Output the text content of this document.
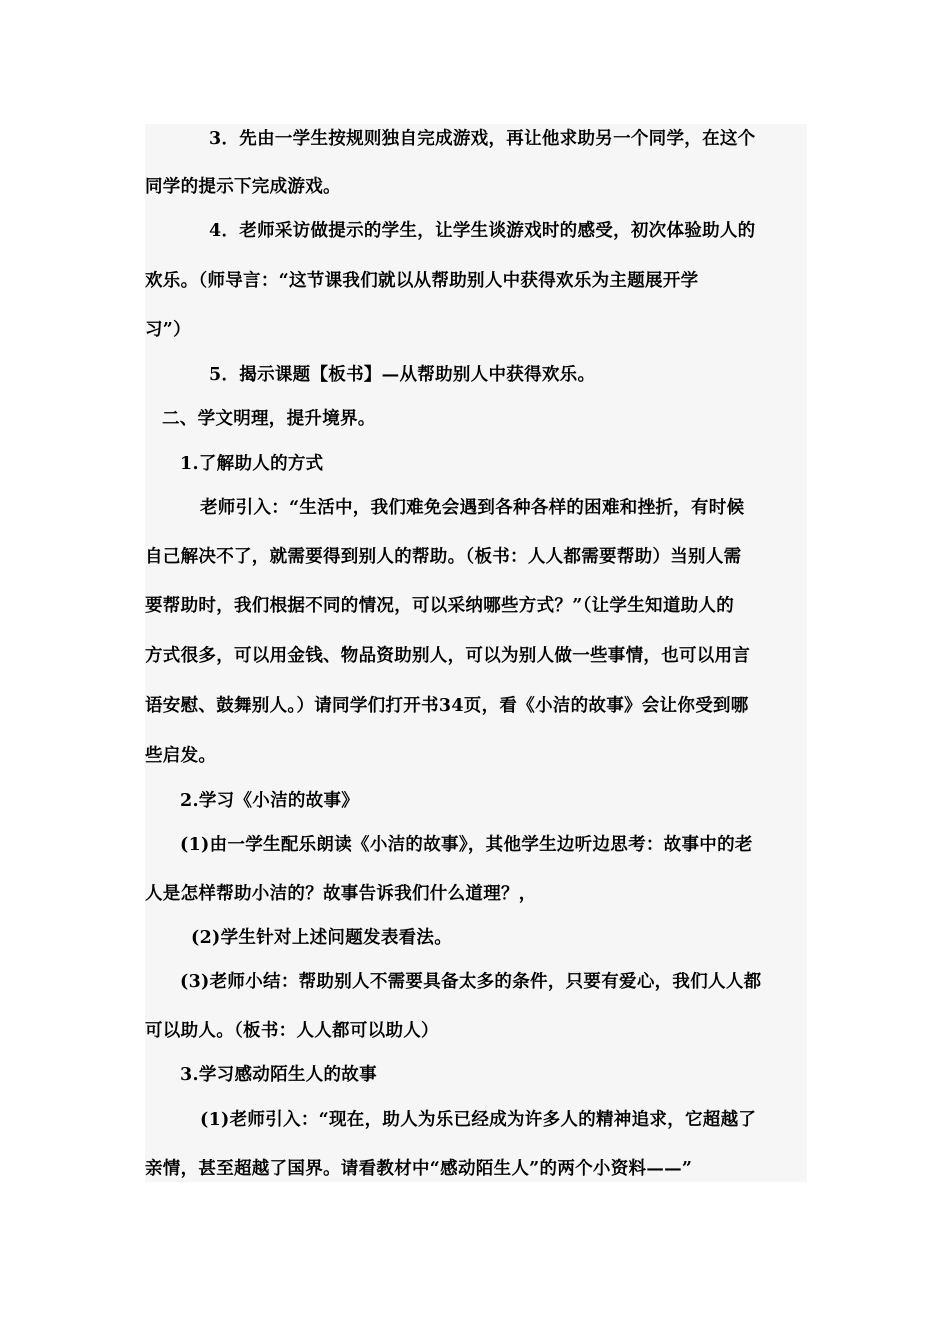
3．先由一学生按规则独自完成游戏，再让他求助另一个同学，在这个
同学的提示下完成游戏。
4．老师采访做提示的学生，让学生谈游戏时的感受，初次体验助人的
欢乐。（师导言：“这节课我们就以从帮助别人中获得欢乐为主题展开学
习”）
5．揭示课题【板书】—从帮助别人中获得欢乐。
二、学文明理，提升境界。
1.了解助人的方式
老师引入：“生活中，我们难免会遇到各种各样的困难和挫折，有时候
自己解决不了，就需要得到别人的帮助。（板书：人人都需要帮助）当别人需
要帮助时，我们根据不同的情况，可以采纳哪些方式？”（让学生知道助人的
方式很多，可以用金钱、物品资助别人，可以为别人做一些事情，也可以用言
语安慰、鼓舞别人。）请同学们打开书34页，看《小洁的故事》会让你受到哪
些启发。
2.学习《小洁的故事》
(1)由一学生配乐朗读《小洁的故事》，其他学生边听边思考：故事中的老
人是怎样帮助小洁的？故事告诉我们什么道理？，
(2)学生针对上述问题发表看法。
(3)老师小结：帮助别人不需要具备太多的条件，只要有爱心，我们人人都
可以助人。（板书：人人都可以助人）
3.学习感动陌生人的故事
(1)老师引入：“现在，助人为乐已经成为许多人的精神追求，它超越了
亲情，甚至超越了国界。请看教材中“感动陌生人”的两个小资料——”
